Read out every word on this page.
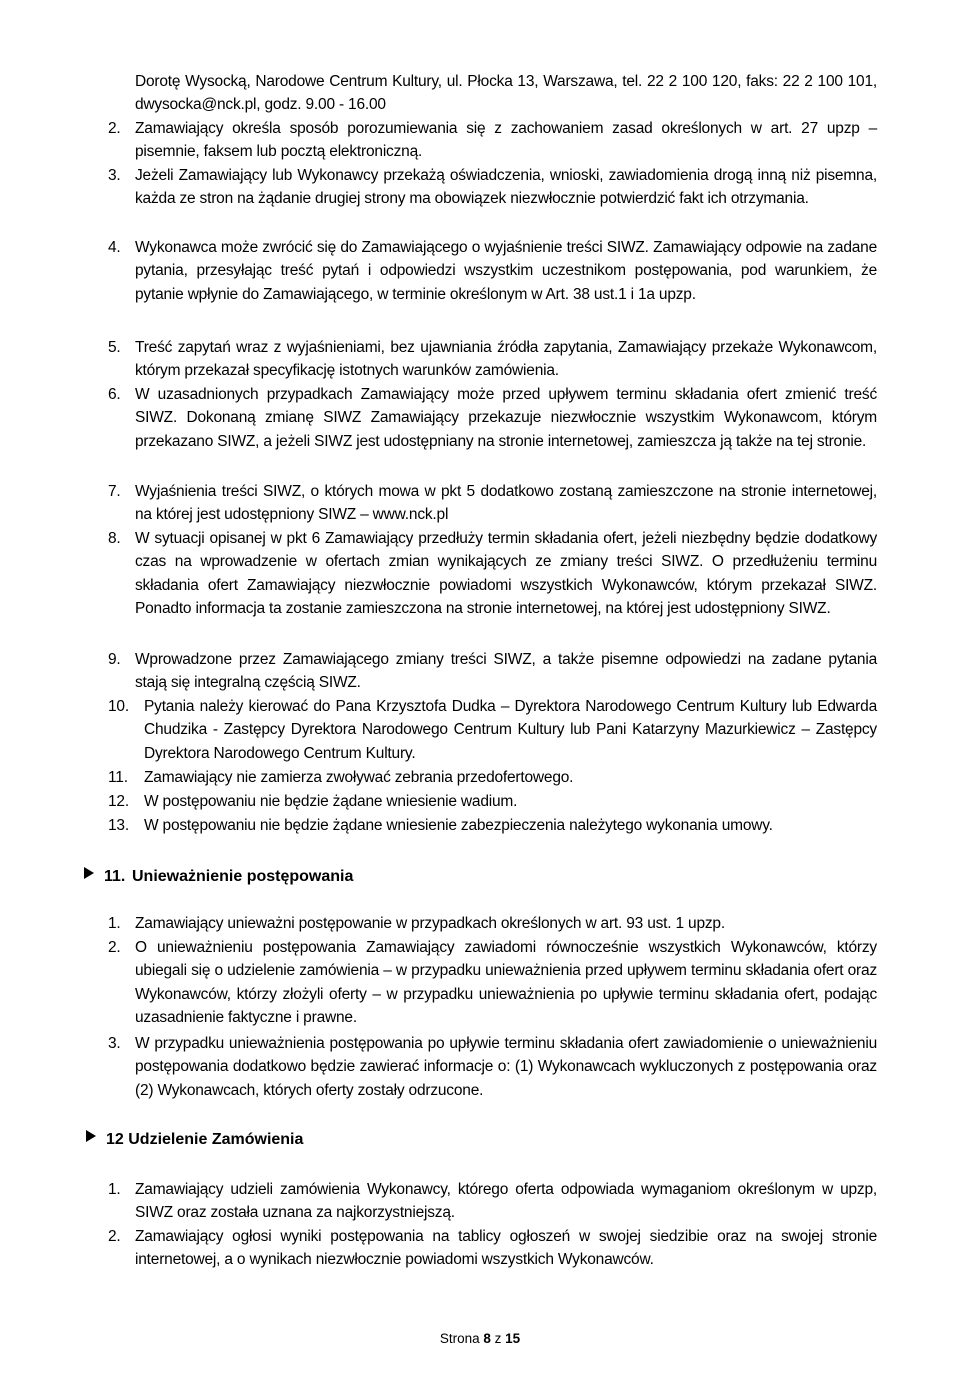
Dorotę Wysocką, Narodowe Centrum Kultury, ul. Płocka 13, Warszawa, tel. 22 2 100 120, faks: 22 2 100 101, dwysocka@nck.pl, godz. 9.00 - 16.00
2. Zamawiający określa sposób porozumiewania się z zachowaniem zasad określonych w art. 27 upzp – pisemnie, faksem lub pocztą elektroniczną.
3. Jeżeli Zamawiający lub Wykonawcy przekażą oświadczenia, wnioski, zawiadomienia drogą inną niż pisemna, każda ze stron na żądanie drugiej strony ma obowiązek niezwłocznie potwierdzić fakt ich otrzymania.
4. Wykonawca może zwrócić się do Zamawiającego o wyjaśnienie treści SIWZ. Zamawiający odpowie na zadane pytania, przesyłając treść pytań i odpowiedzi wszystkim uczestnikom postępowania, pod warunkiem, że pytanie wpłynie do Zamawiającego, w terminie określonym w Art. 38 ust.1 i 1a upzp.
5. Treść zapytań wraz z wyjaśnieniami, bez ujawniania źródła zapytania, Zamawiający przekaże Wykonawcom, którym przekazał specyfikację istotnych warunków zamówienia.
6. W uzasadnionych przypadkach Zamawiający może przed upływem terminu składania ofert zmienić treść SIWZ. Dokonaną zmianę SIWZ Zamawiający przekazuje niezwłocznie wszystkim Wykonawcom, którym przekazano SIWZ, a jeżeli SIWZ jest udostępniany na stronie internetowej, zamieszcza ją także na tej stronie.
7. Wyjaśnienia treści SIWZ, o których mowa w pkt 5 dodatkowo zostaną zamieszczone na stronie internetowej, na której jest udostępniony SIWZ – www.nck.pl
8. W sytuacji opisanej w pkt 6 Zamawiający przedłuży termin składania ofert, jeżeli niezbędny będzie dodatkowy czas na wprowadzenie w ofertach zmian wynikających ze zmiany treści SIWZ. O przedłużeniu terminu składania ofert Zamawiający niezwłocznie powiadomi wszystkich Wykonawców, którym przekazał SIWZ. Ponadto informacja ta zostanie zamieszczona na stronie internetowej, na której jest udostępniony SIWZ.
9. Wprowadzone przez Zamawiającego zmiany treści SIWZ, a także pisemne odpowiedzi na zadane pytania stają się integralną częścią SIWZ.
10. Pytania należy kierować do Pana Krzysztofa Dudka – Dyrektora Narodowego Centrum Kultury lub Edwarda Chudzika - Zastępcy Dyrektora Narodowego Centrum Kultury lub Pani Katarzyny Mazurkiewicz – Zastępcy Dyrektora Narodowego Centrum Kultury.
11.	Zamawiający nie zamierza zwoływać zebrania przedofertowego.
12. W postępowaniu nie będzie żądane wniesienie wadium.
13. W postępowaniu nie będzie żądane wniesienie zabezpieczenia należytego wykonania umowy.
11. Unieważnienie postępowania
1. Zamawiający unieważni postępowanie w przypadkach określonych w art. 93 ust. 1 upzp.
2. O unieważnieniu postępowania Zamawiający zawiadomi równocześnie wszystkich Wykonawców, którzy ubiegali się o udzielenie zamówienia – w przypadku unieważnienia przed upływem terminu składania ofert oraz Wykonawców, którzy złożyli oferty – w przypadku unieważnienia po upływie terminu składania ofert, podając uzasadnienie faktyczne i prawne.
3. W przypadku unieważnienia postępowania po upływie terminu składania ofert zawiadomienie o unieważnieniu postępowania dodatkowo będzie zawierać informacje o: (1) Wykonawcach wykluczonych z postępowania oraz (2) Wykonawcach, których oferty zostały odrzucone.
12 Udzielenie Zamówienia
1. Zamawiający udzieli zamówienia Wykonawcy, którego oferta odpowiada wymaganiom określonym w upzp, SIWZ oraz została uznana za najkorzystniejszą.
2. Zamawiający ogłosi wyniki postępowania na tablicy ogłoszeń w swojej siedzibie oraz na swojej stronie internetowej, a o wynikach niezwłocznie powiadomi wszystkich Wykonawców.
Strona 8 z 15
